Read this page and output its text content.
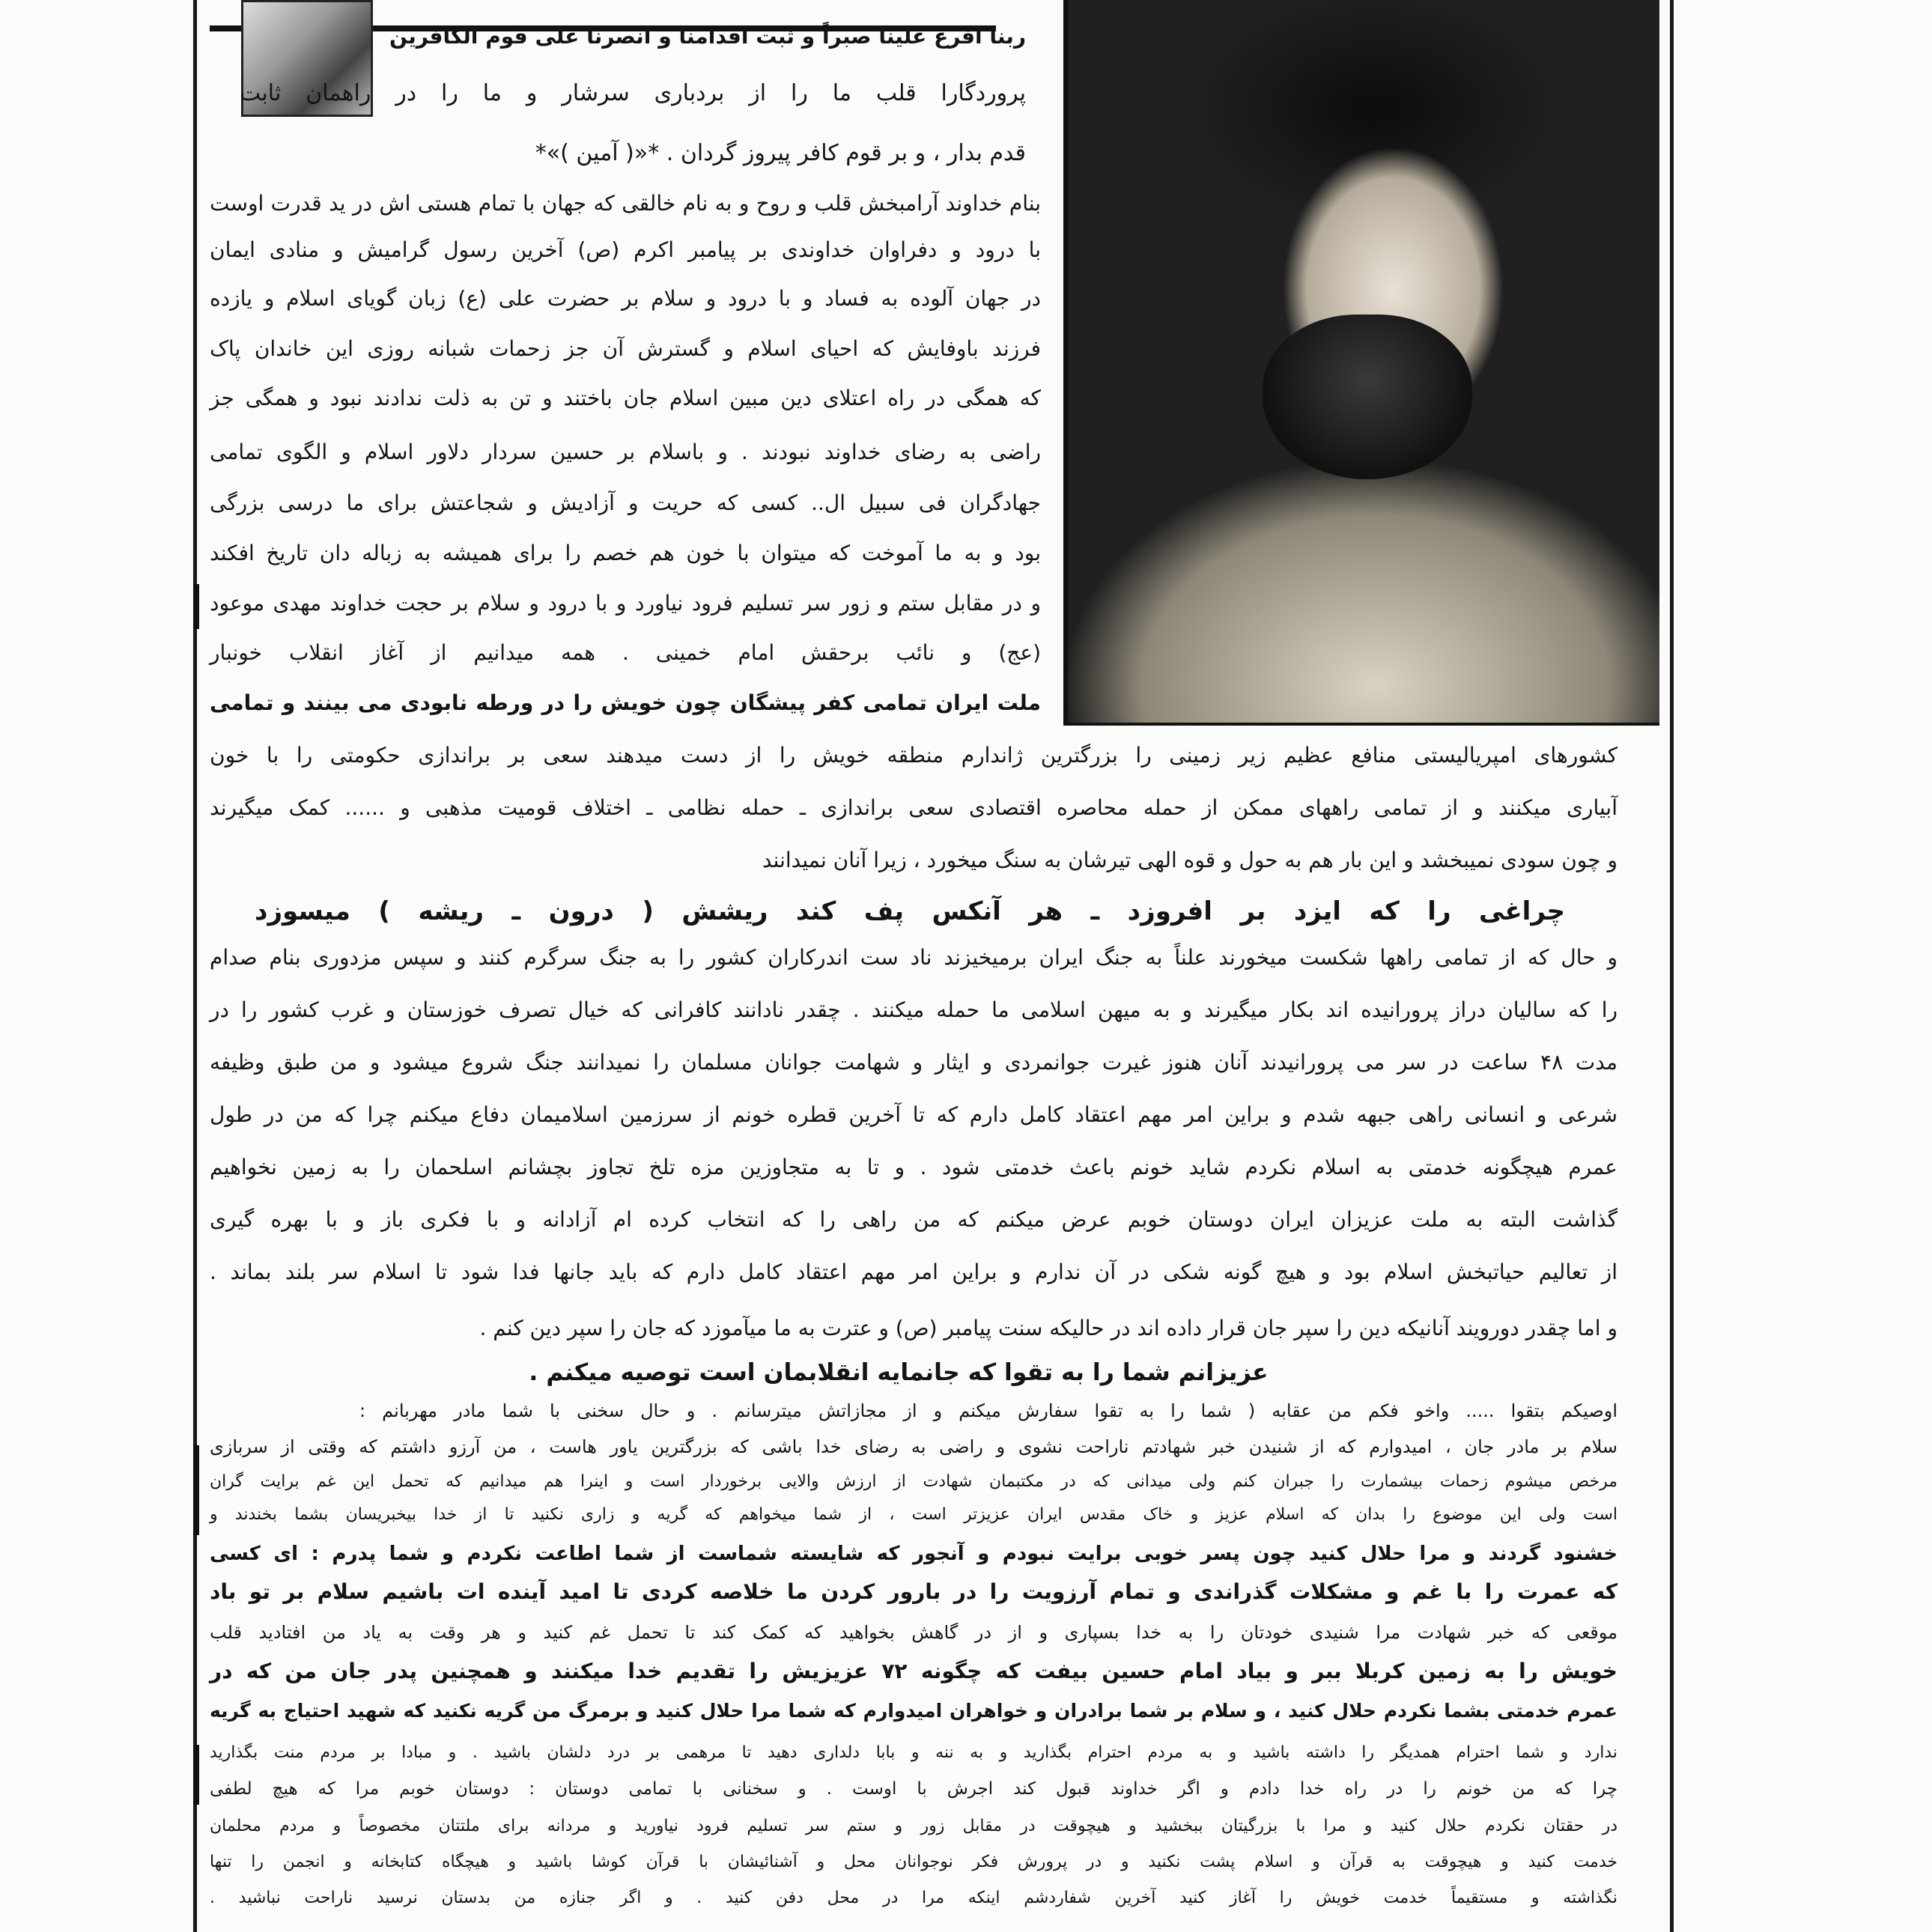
ربنا افرغ علینا صبراً و ثبت اقدامنا و انصرنا علی قوم الکافرین
پروردگارا قلب ما را از بردباری سرشار و ما را در راهمان ثابت
قدم بدار ، و بر قوم کافر پیروز گردان . *«( آمین )»*
بنام خداوند آرامبخش قلب و روح و به نام خالقی که جهان با تمام هستی اش در ید قدرت اوست
با درود و دفراوان خداوندی بر پیامبر اکرم (ص) آخرین رسول گرامیش و منادی ایمان
در جهان آلوده به فساد و با درود و سلام بر حضرت علی (ع) زبان گویای اسلام و یازده
فرزند باوفایش که احیای اسلام و گسترش آن جز زحمات شبانه روزی این خاندان پاک
که همگی در راه اعتلای دین مبین اسلام جان باختند و تن به ذلت ندادند نبود و همگی جز
راضی به رضای خداوند نبودند . و باسلام بر حسین سردار دلاور اسلام و الگوی تمامی
جهادگران فی سبیل ال.. کسی که حریت و آزادیش و شجاعتش برای ما درسی بزرگی
بود و به ما آموخت که میتوان با خون هم خصم را برای همیشه به زباله دان تاریخ افکند
و در مقابل ستم و زور سر تسلیم فرود نیاورد و با درود و سلام بر حجت خداوند مهدی موعود
(عج) و نائب برحقش امام خمینی . همه میدانیم از آغاز انقلاب خونبار
ملت ایران تمامی کفر پیشگان چون خویش را در ورطه نابودی می بینند و تمامی
کشورهای امپریالیستی منافع عظیم زیر زمینی را بزرگترین ژاندارم منطقه خویش را از دست میدهند سعی بر براندازی حکومتی را با خون
آبیاری میکنند و از تمامی راههای ممکن از حمله محاصره اقتصادی سعی براندازی ـ حمله نظامی ـ اختلاف قومیت مذهبی و ...... کمک میگیرند
و چون سودی نمیبخشد و این بار هم به حول و قوه الهی تیرشان به سنگ میخورد ، زیرا آنان نمیدانند
چراغی را که ایزد بر افروزد ـ هر آنکس پف کند ریشش ( درون ـ ریشه ) میسوزد
و حال که از تمامی راهها شکست میخورند علناً به جنگ ایران برمیخیزند ناد ست اندرکاران کشور را به جنگ سرگرم کنند و سپس مزدوری بنام صدام
را که سالیان دراز پرورانیده اند بکار میگیرند و به میهن اسلامی ما حمله میکنند . چقدر نادانند کافرانی که خیال تصرف خوزستان و غرب کشور را در
مدت ۴۸ ساعت در سر می پرورانیدند آنان هنوز غیرت جوانمردی و ایثار و شهامت جوانان مسلمان را نمیدانند جنگ شروع میشود و من طبق وظیفه
شرعی و انسانی راهی جبهه شدم و براین امر مهم اعتقاد کامل دارم که تا آخرین قطره خونم از سرزمین اسلامیمان دفاع میکنم چرا که من در طول
عمرم هیچگونه خدمتی به اسلام نکردم شاید خونم باعث خدمتی شود . و تا به متجاوزین مزه تلخ تجاوز بچشانم اسلحمان را به زمین نخواهیم
گذاشت البته به ملت عزیزان ایران دوستان خوبم عرض میکنم که من راهی را که انتخاب کرده ام آزادانه و با فکری باز و با بهره گیری
از تعالیم حیاتبخش اسلام بود و هیچ گونه شکی در آن ندارم و براین امر مهم اعتقاد کامل دارم که باید جانها فدا شود تا اسلام سر بلند بماند .
و اما چقدر دورویند آنانیکه دین را سپر جان قرار داده اند در حالیکه سنت پیامبر (ص) و عترت به ما میآموزد که جان را سپر دین کنم .
عزیزانم شما را به تقوا که جانمایه انقلابمان است توصیه میکنم .
اوصیکم بتقوا ..... واخو فکم من عقابه ( شما را به تقوا سفارش میکنم و از مجازاتش میترسانم . و حال سخنی با شما مادر مهربانم :
سلام بر مادر جان ، امیدوارم که از شنیدن خبر شهادتم ناراحت نشوی و راضی به رضای خدا باشی که بزرگترین یاور هاست ، من آرزو داشتم که وقتی از سربازی
مرخص میشوم زحمات بیشمارت را جبران کنم ولی میدانی که در مکتبمان شهادت از ارزش والایی برخوردار است و اینرا هم میدانیم که تحمل این غم برایت گران
است ولی این موضوع را بدان که اسلام عزیز و خاک مقدس ایران عزیزتر است ، از شما میخواهم که گریه و زاری نکنید تا از خدا بیخبریسان بشما بخندند و
خشنود گردند و مرا حلال کنید چون پسر خوبی برایت نبودم و آنجور که شایسته شماست از شما اطاعت نکردم و شما پدرم : ای کسی
که عمرت را با غم و مشکلات گذراندی و تمام آرزویت را در بارور کردن ما خلاصه کردی تا امید آینده ات باشیم سلام بر تو باد
موقعی که خبر شهادت مرا شنیدی خودتان را به خدا بسپاری و از در گاهش بخواهید که کمک کند تا تحمل غم کنید و هر وقت به یاد من افتادید قلب
خویش را به زمین کربلا ببر و بیاد امام حسین بیفت که چگونه ۷۲ عزیزیش را تقدیم خدا میکنند و همچنین پدر جان من که در
عمرم خدمتی بشما نکردم حلال کنید ، و سلام بر شما برادران و خواهران امیدوارم که شما مرا حلال کنید و برمرگ من گریه نکنید که شهید احتیاج به گریه
ندارد و شما احترام همدیگر را داشته باشید و به مردم احترام بگذارید و به ننه و بابا دلداری دهید تا مرهمی بر درد دلشان باشید . و مبادا بر مردم منت بگذارید
چرا که من خونم را در راه خدا دادم و اگر خداوند قبول کند اجرش با اوست . و سخنانی با تمامی دوستان : دوستان خوبم مرا که هیچ لطفی
در حقتان نکردم حلال کنید و مرا با بزرگیتان ببخشید و هیچوقت در مقابل زور و ستم سر تسلیم فرود نیاورید و مردانه برای ملتتان مخصوصاً و مردم محلمان
خدمت کنید و هیچوقت به قرآن و اسلام پشت نکنید و در پرورش فکر نوجوانان محل و آشنائیشان با قرآن کوشا باشید و هیچگاه کتابخانه و انجمن را تنها
نگذاشته و مستقیماً خدمت خویش را آغاز کنید آخرین شفاردشم اینکه مرا در محل دفن کنید . و اگر جنازه من بدستان نرسید ناراحت نباشید .
